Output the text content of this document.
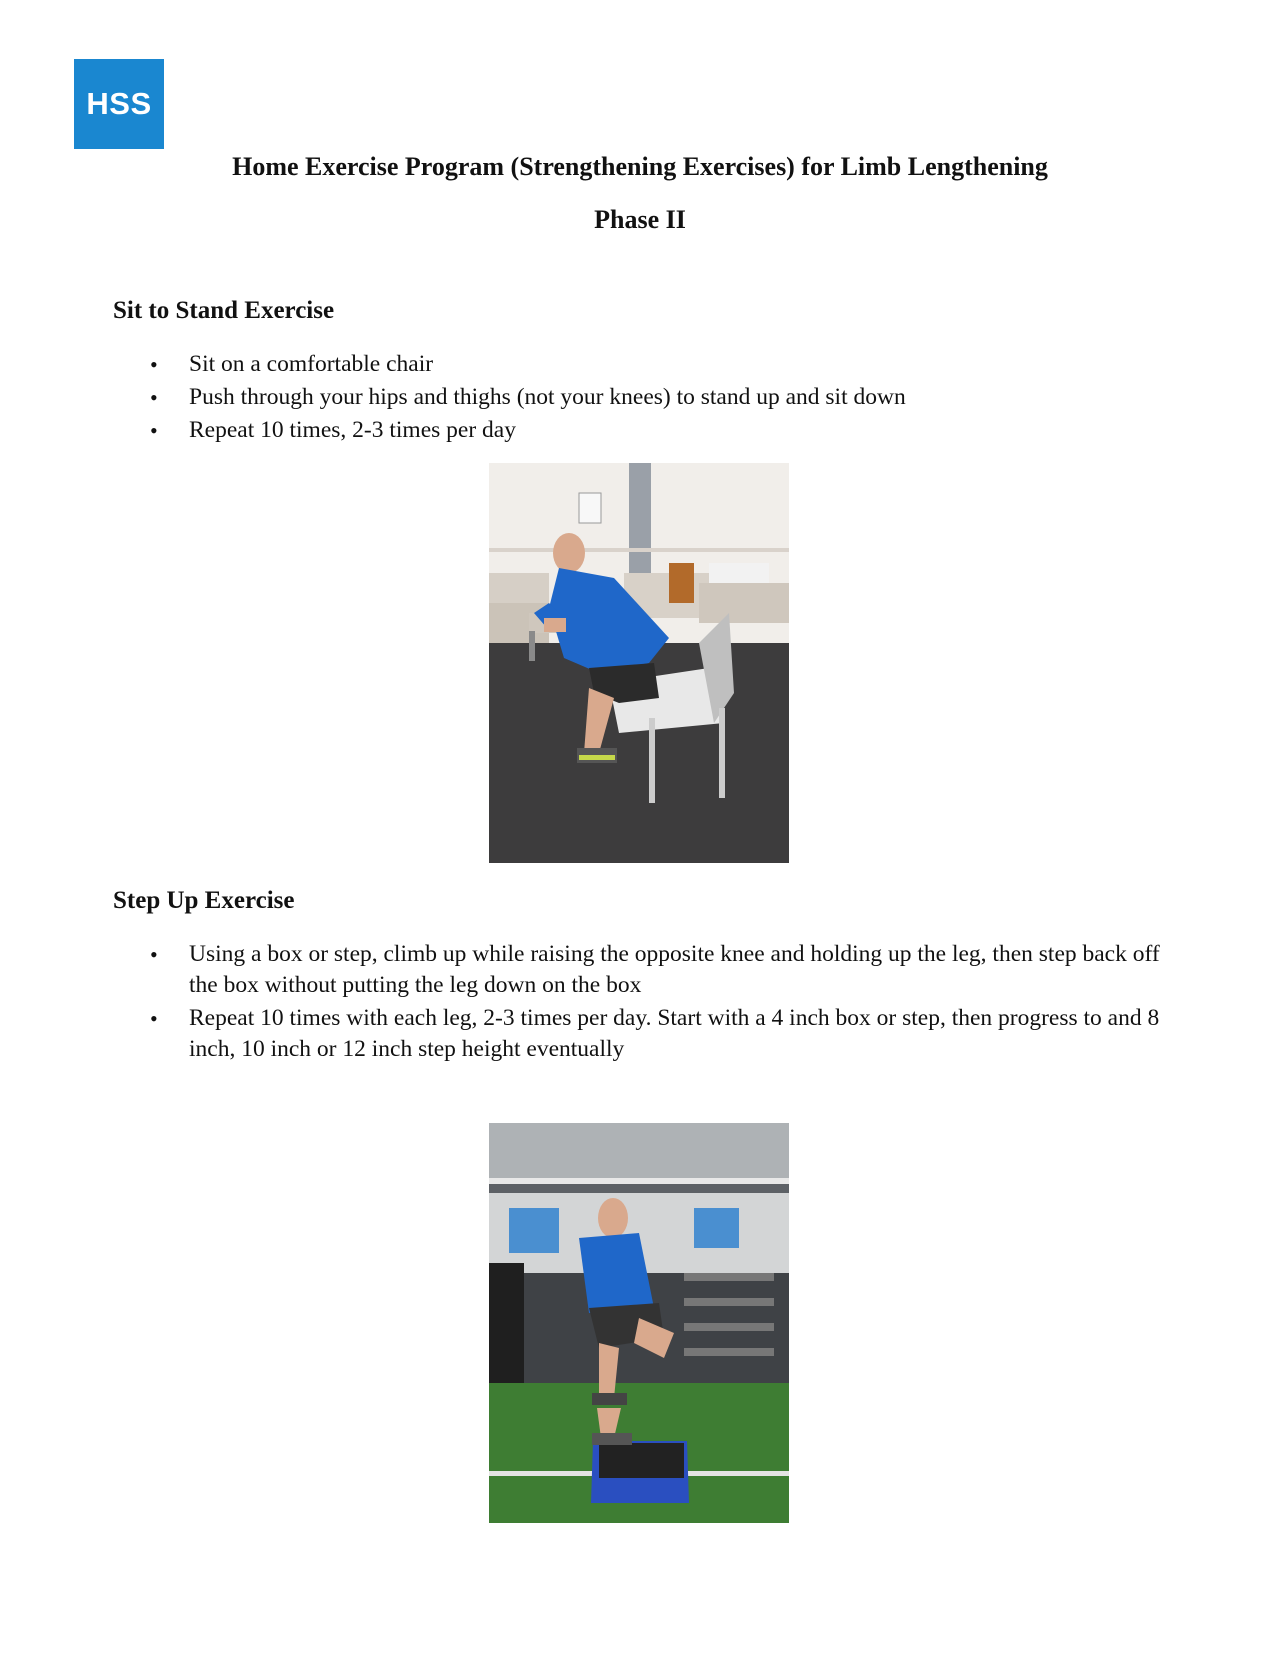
HSS
Home Exercise Program (Strengthening Exercises) for Limb Lengthening
Phase II
Sit to Stand Exercise
• Sit on a comfortable chair
• Push through your hips and thighs (not your knees) to stand up and sit down
• Repeat 10 times, 2-3 times per day
Step Up Exercise
• Using a box or step, climb up while raising the opposite knee and holding up the leg, then step back off the box without putting the leg down on the box
• Repeat 10 times with each leg, 2-3 times per day. Start with a 4 inch box or step, then progress to and 8 inch, 10 inch or 12 inch step height eventually
